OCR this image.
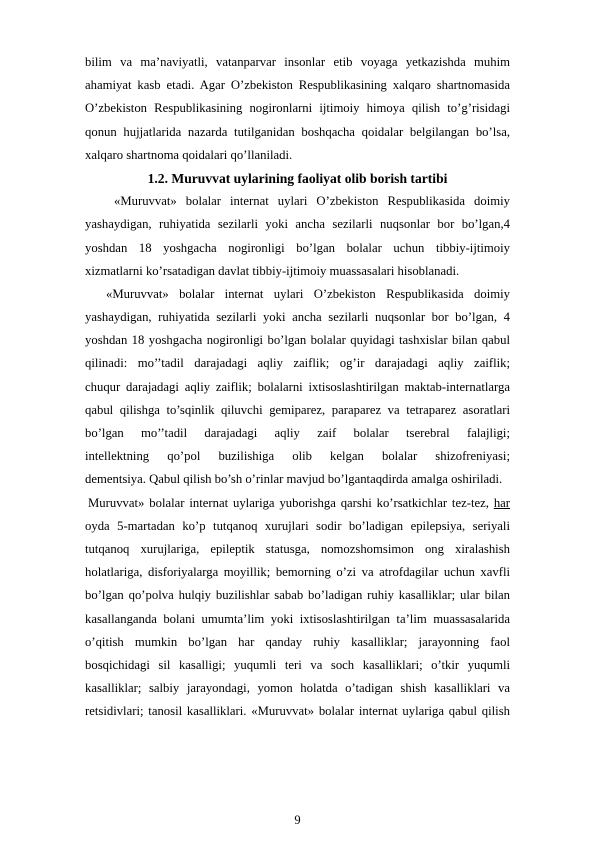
bilim va ma’naviyatli, vatanparvar insonlar etib voyaga yetkazishda muhim
ahamiyat kasb etadi. Agar O’zbekiston Respublikasining xalqaro shartnomasida
O’zbekiston Respublikasining nogironlarni ijtimoiy himoya qilish to’g’risidagi
qonun hujjatlarida nazarda tutilganidan boshqacha qoidalar belgilangan bo’lsa,
xalqaro shartnoma qoidalari qo’llaniladi.
1.2. Muruvvat uylarining faoliyat olib borish tartibi
«Muruvvat» bolalar internat uylari O’zbekiston Respublikasida doimiy
yashaydigan, ruhiyatida sezilarli yoki ancha sezilarli nuqsonlar bor bo’lgan,4
yoshdan 18 yoshgacha nogironligi bo’lgan bolalar uchun tibbiy-ijtimoiy
xizmatlarni ko’rsatadigan davlat tibbiy-ijtimoiy muassasalari hisoblanadi.
«Muruvvat» bolalar internat uylari O’zbekiston Respublikasida doimiy
yashaydigan, ruhiyatida sezilarli yoki ancha sezilarli nuqsonlar bor bo’lgan, 4
yoshdan 18 yoshgacha nogironligi bo’lgan bolalar quyidagi tashxislar bilan qabul
qilinadi: mo’’tadil darajadagi aqliy zaiflik; og’ir darajadagi aqliy zaiflik;
chuqur darajadagi aqliy zaiflik; bolalarni ixtisoslashtirilgan maktab-internatlarga
qabul qilishga to’sqinlik qiluvchi gemiparez, paraparez va tetraparez asoratlari
bo’lgan mo’’tadil darajadagi aqliy zaif bolalar tserebral falajligi;
intellektning qo’pol buzilishiga olib kelgan bolalar shizofreniyasi;
dementsiya. Qabul qilish bo’sh o’rinlar mavjud bo’lgantaqdirda amalga oshiriladi.
Muruvvat» bolalar internat uylariga yuborishga qarshi ko’rsatkichlar tez-tez, har
oyda 5-martadan ko’p tutqanoq xurujlari sodir bo’ladigan epilepsiya, seriyali
tutqanoq xurujlariga, epileptik statusga, nomozshomsimon ong xiralashish
holatlariga, disforiyalarga moyillik; bemorning o’zi va atrofdagilar uchun xavfli
bo’lgan qo’polva hulqiy buzilishlar sabab bo’ladigan ruhiy kasalliklar; ular bilan
kasallanganda bolani umumta’lim yoki ixtisoslashtirilgan ta’lim muassasalarida
o’qitish mumkin bo’lgan har qanday ruhiy kasalliklar; jarayonning faol
bosqichidagi sil kasalligi; yuqumli teri va soch kasalliklari; o’tkir yuqumli
kasalliklar; salbiy jarayondagi, yomon holatda o’tadigan shish kasalliklari va
retsidivlari; tanosil kasalliklari. «Muruvvat» bolalar internat uylariga qabul qilish
9
